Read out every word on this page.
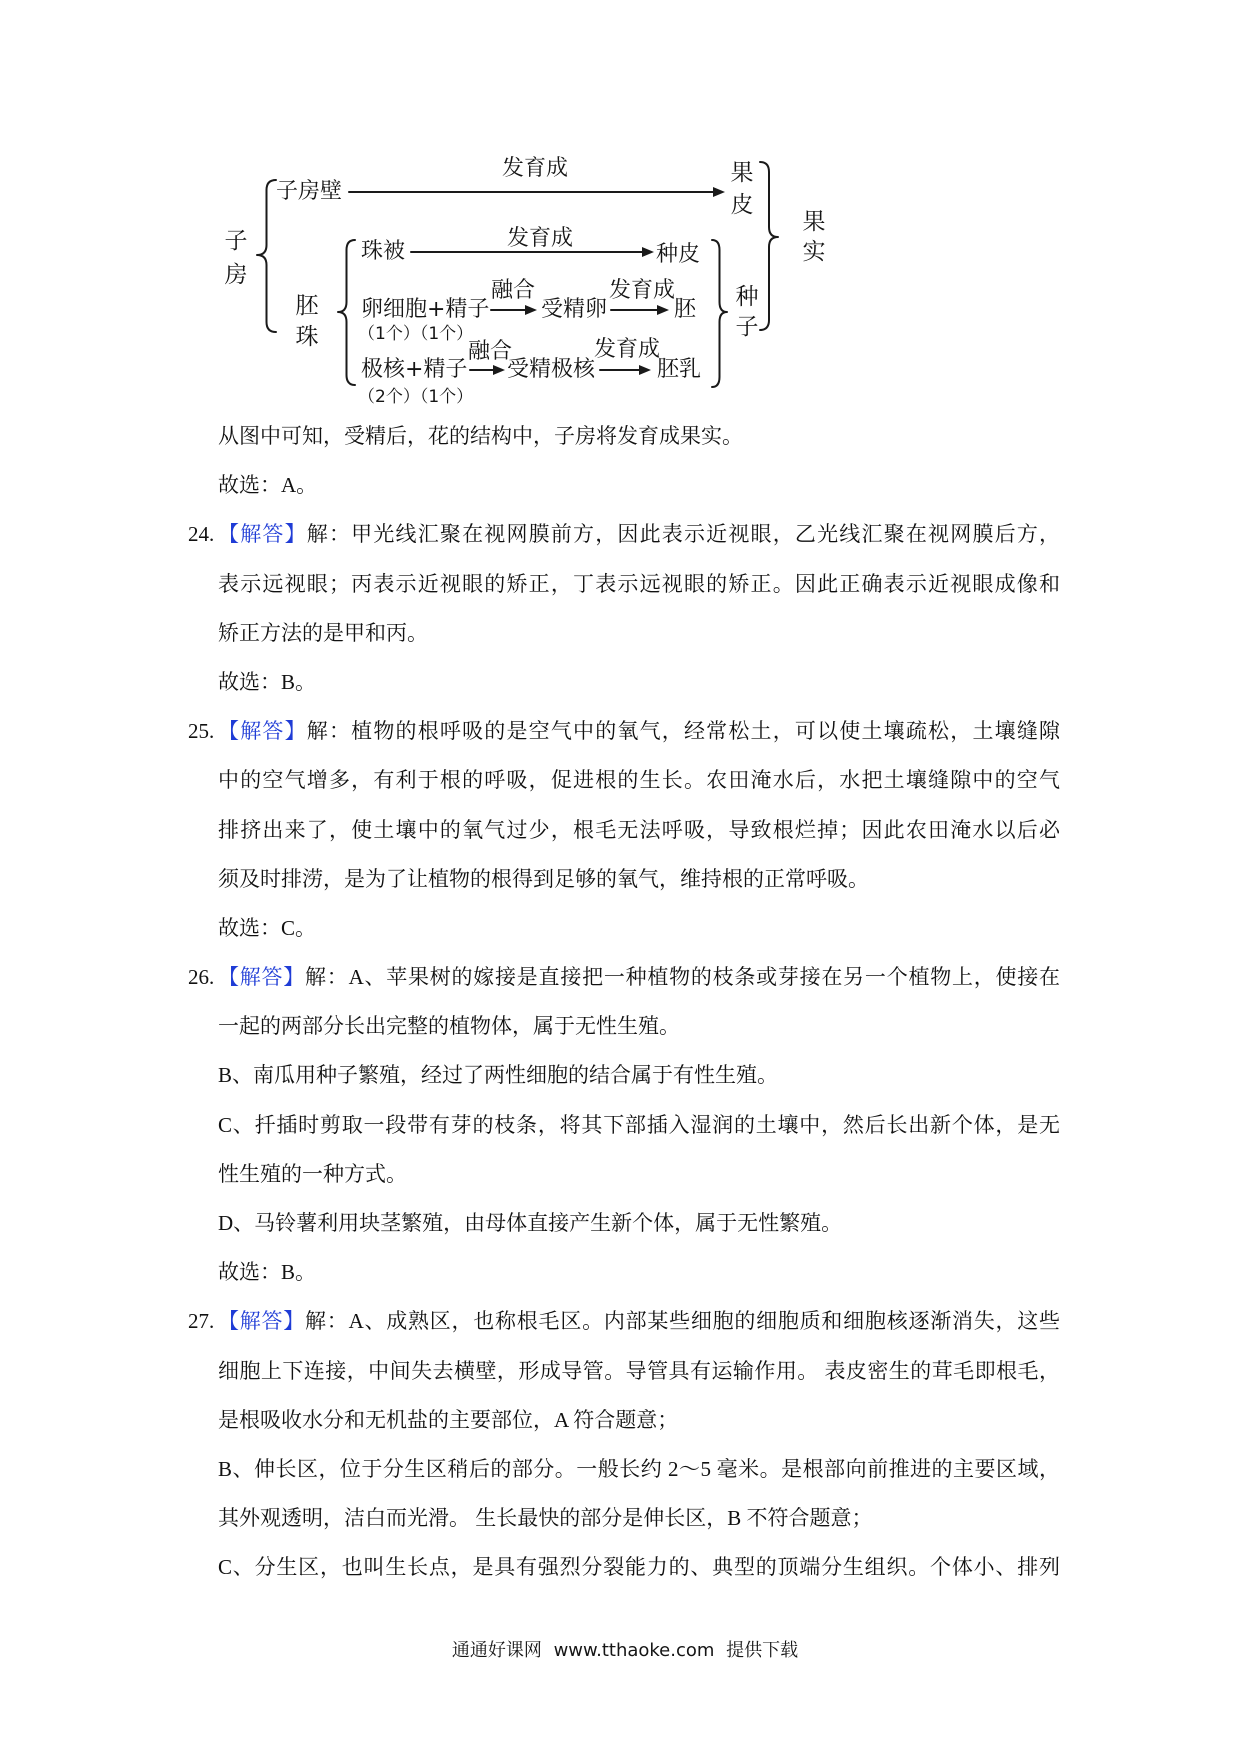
子房
胚珠
果皮
种子
果实
发育成
子房壁
珠被
发育成
种皮
卵细胞+精子
融合
受精卵
发育成
胚
（1个）（1个）
融合
极核+精子 受精极核
发育成
胚乳
（2个）（1个）
从图中可知，受精后，花的结构中，子房将发育成果实。
故选：A。
24. 【解答】解：甲光线汇聚在视网膜前方，因此表示近视眼，乙光线汇聚在视网膜后方，
表示远视眼；丙表示近视眼的矫正，丁表示远视眼的矫正。因此正确表示近视眼成像和
矫正方法的是甲和丙。
故选：B。
25. 【解答】解：植物的根呼吸的是空气中的氧气，经常松土，可以使土壤疏松，土壤缝隙
中的空气增多，有利于根的呼吸，促进根的生长。农田淹水后，水把土壤缝隙中的空气
排挤出来了，使土壤中的氧气过少，根毛无法呼吸，导致根烂掉；因此农田淹水以后必
须及时排涝，是为了让植物的根得到足够的氧气，维持根的正常呼吸。
故选：C。
26. 【解答】解：A、苹果树的嫁接是直接把一种植物的枝条或芽接在另一个植物上，使接在
一起的两部分长出完整的植物体，属于无性生殖。
B、南瓜用种子繁殖，经过了两性细胞的结合属于有性生殖。
C、扦插时剪取一段带有芽的枝条，将其下部插入湿润的土壤中，然后长出新个体，是无
性生殖的一种方式。
D、马铃薯利用块茎繁殖，由母体直接产生新个体，属于无性繁殖。
故选：B。
27. 【解答】解：A、成熟区，也称根毛区。内部某些细胞的细胞质和细胞核逐渐消失，这些
细胞上下连接，中间失去横壁，形成导管。导管具有运输作用。 表皮密生的茸毛即根毛，
是根吸收水分和无机盐的主要部位，A 符合题意；
B、伸长区，位于分生区稍后的部分。一般长约 2～5 毫米。是根部向前推进的主要区域，
其外观透明，洁白而光滑。 生长最快的部分是伸长区，B 不符合题意；
C、分生区，也叫生长点，是具有强烈分裂能力的、典型的顶端分生组织。个体小、排列
通通好课网 www.tthaoke.com 提供下载
